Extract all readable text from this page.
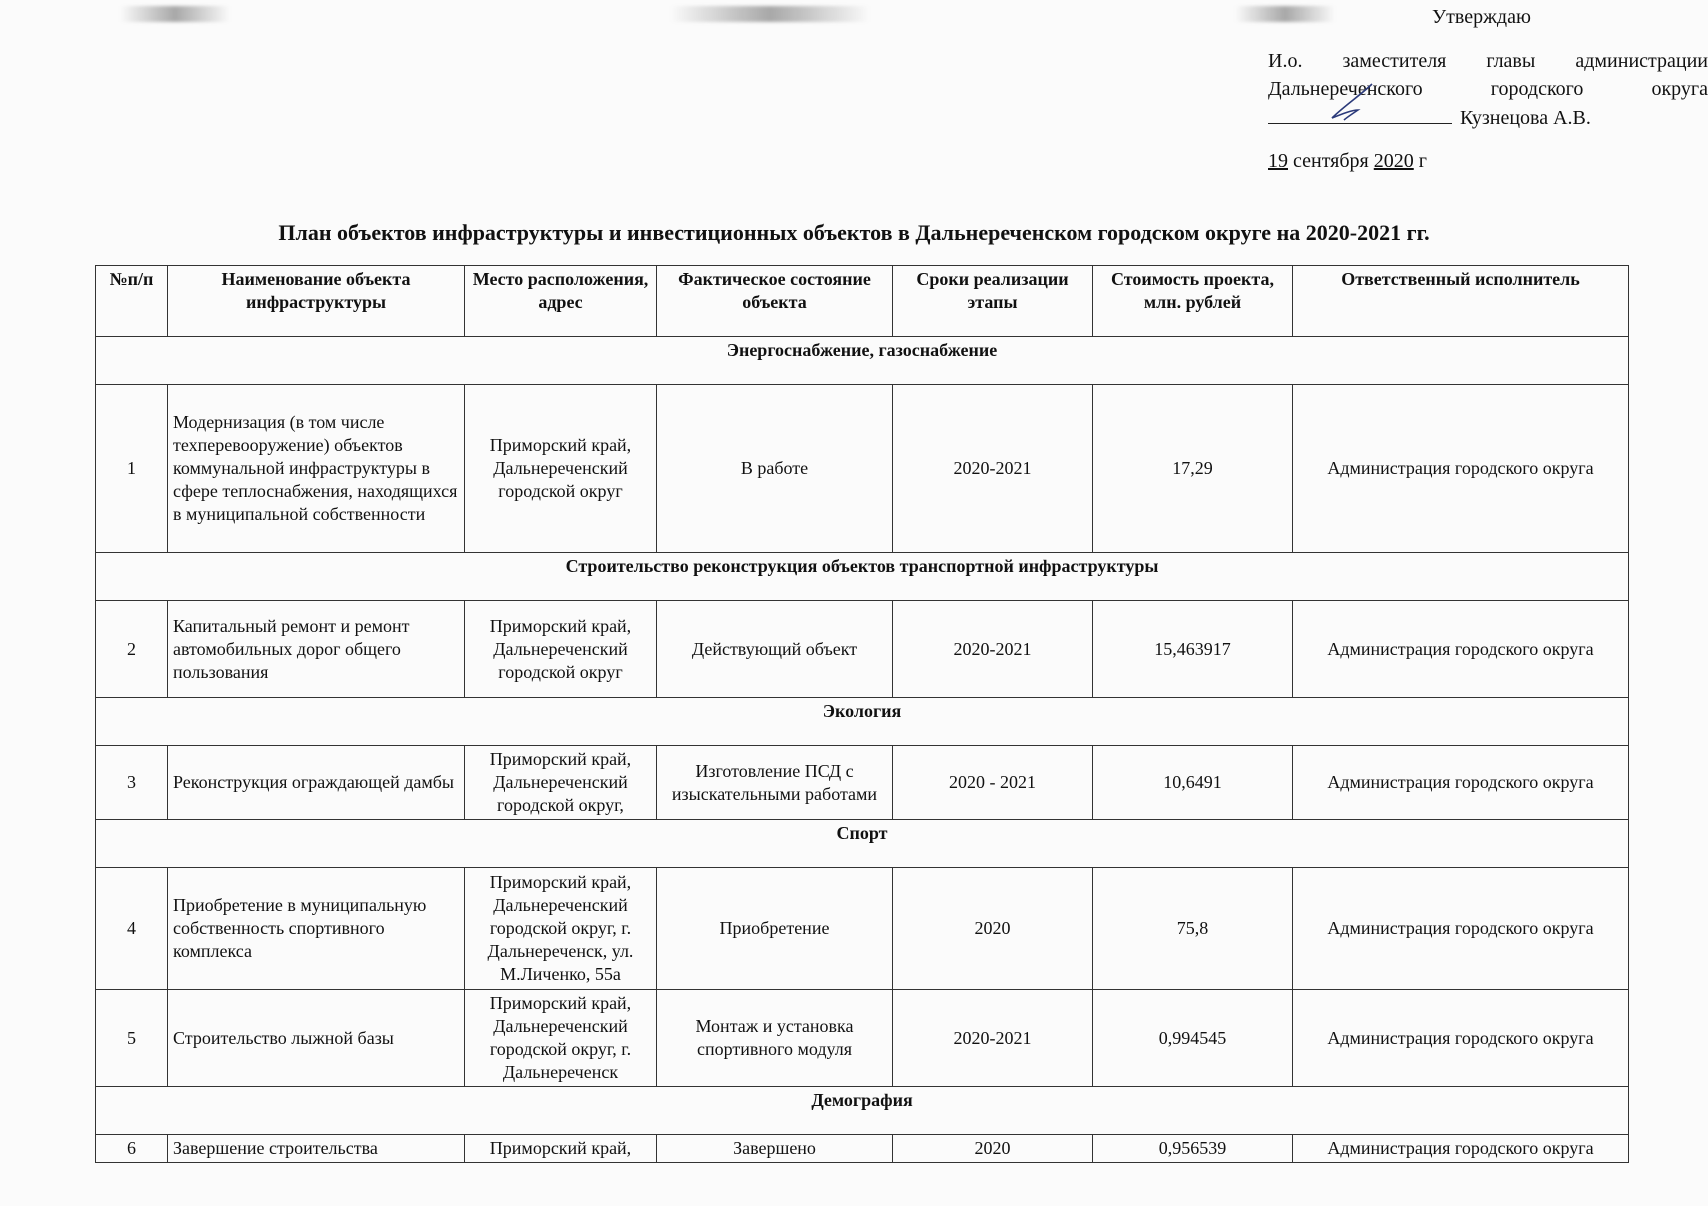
Утверждаю
И.о. заместителя главы администрации
Дальнереченского городского округа
Кузнецова А.В.
19 сентября 2020 г
План объектов инфраструктуры и инвестиционных объектов в Дальнереченском городском округе на 2020-2021 гг.
№п/п	Наименование объекта инфраструктуры	Место расположения, адрес	Фактическое состояние объекта	Сроки реализации этапы	Стоимость проекта, млн. рублей	Ответственный исполнитель
Энергоснабжение, газоснабжение						
1	Модернизация (в том числе техперевооружение) объектов коммунальной инфраструктуры в сфере теплоснабжения, находящихся в муниципальной собственности	Приморский край, Дальнереченский городской округ	В работе	2020-2021	17,29	Администрация городского округа
Строительство реконструкция объектов транспортной инфраструктуры						
2	Капитальный ремонт и ремонт автомобильных дорог общего пользования	Приморский край, Дальнереченский городской округ	Действующий объект	2020-2021	15,463917	Администрация городского округа
Экология						
3	Реконструкция ограждающей дамбы	Приморский край, Дальнереченский городской округ,	Изготовление ПСД с изыскательными работами	2020 - 2021	10,6491	Администрация городского округа
Спорт						
4	Приобретение в муниципальную собственность спортивного комплекса	Приморский край, Дальнереченский городской округ, г. Дальнереченск, ул. М.Личенко, 55а	Приобретение	2020	75,8	Администрация городского округа
5	Строительство лыжной базы	Приморский край, Дальнереченский городской округ, г. Дальнереченск	Монтаж и установка спортивного модуля	2020-2021	0,994545	Администрация городского округа
Демография						
6	Завершение строительства	Приморский край,	Завершено	2020	0,956539	Администрация городского округа
